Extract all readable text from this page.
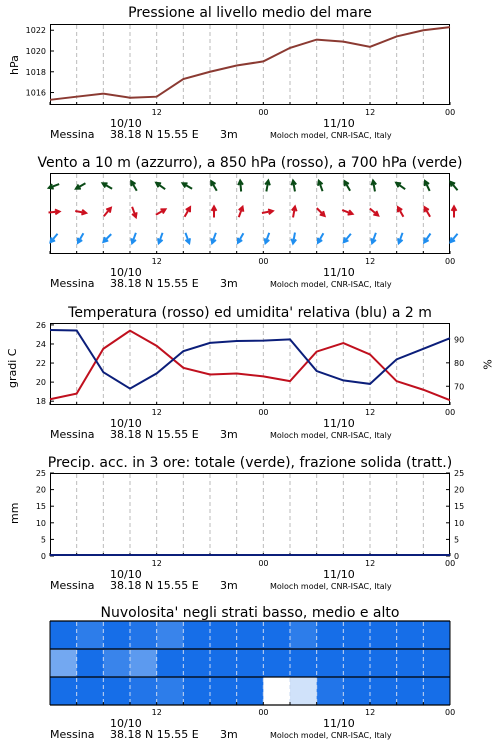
Pressione al livello medio del mare
1016
1018
1020
1022
hPa
Vento a 10 m (azzurro), a 850 hPa (rosso), a 700 hPa (verde)
Temperatura (rosso) ed umidita' relativa (blu) a 2 m
18
20
22
24
26
70
80
90
gradi C	%
Precip. acc. in 3 ore: totale (verde), frazione solida (tratt.)
0	0
5	5
10	10
15	15
20	20
25	25
mm
Nuvolosita' negli strati basso, medio e alto
12	00	12	00
10/10	11/10
Messina 38.18 N 15.55 E 3m	Moloch model, CNR-ISAC, Italy
12	00	12	00
10/10	11/10
Messina 38.18 N 15.55 E 3m	Moloch model, CNR-ISAC, Italy
12	00	12	00
10/10	11/10
Messina 38.18 N 15.55 E 3m	Moloch model, CNR-ISAC, Italy
12	00	12	00
10/10	11/10
Messina 38.18 N 15.55 E 3m	Moloch model, CNR-ISAC, Italy
12	00	12	00
10/10	11/10
Messina 38.18 N 15.55 E 3m	Moloch model, CNR-ISAC, Italy
